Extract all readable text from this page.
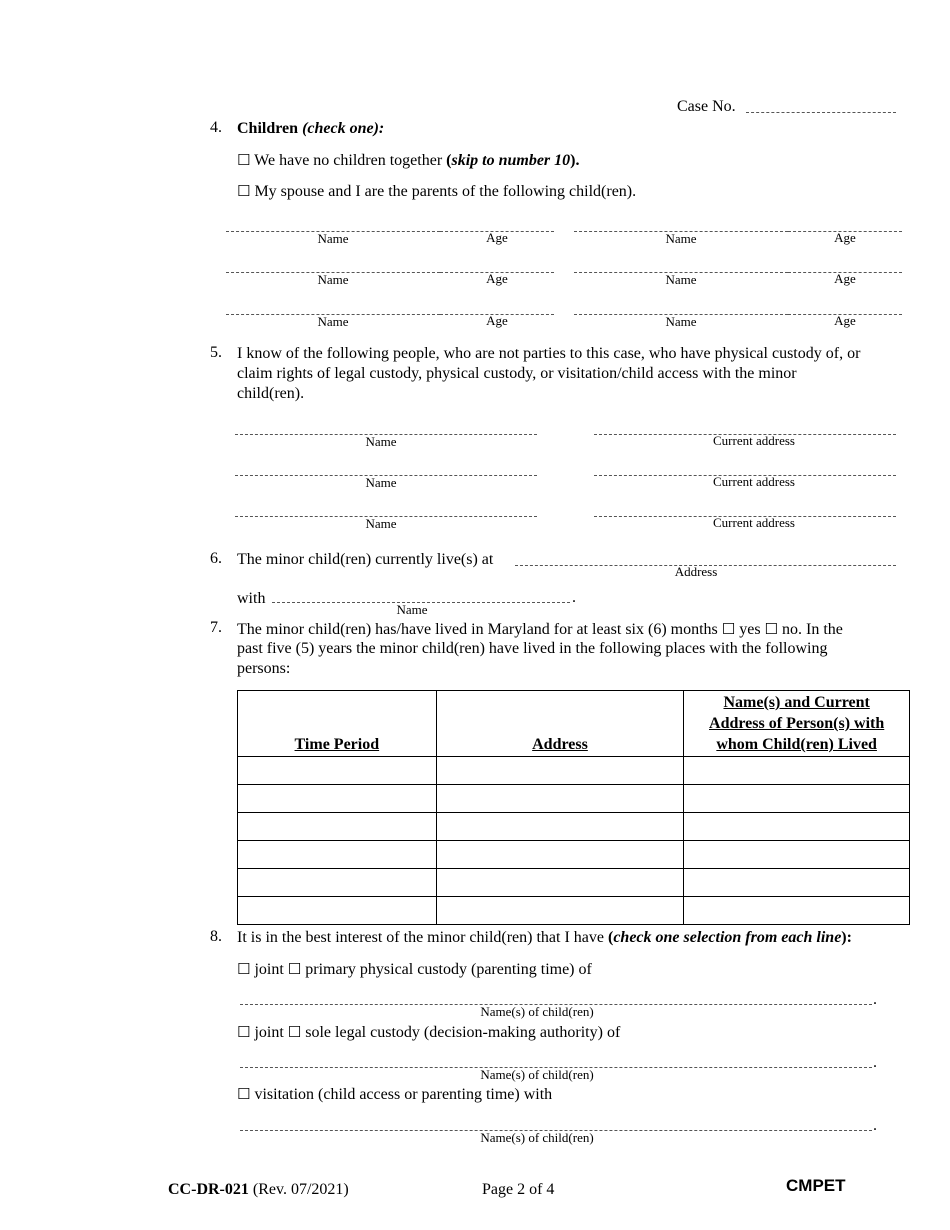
Case No.
4. Children (check one):
☐ We have no children together (skip to number 10).
☐ My spouse and I are the parents of the following child(ren).
Name	Age	Name	Age
Name	Age	Name	Age
Name	Age	Name	Age
5. I know of the following people, who are not parties to this case, who have physical custody of, or
claim rights of legal custody, physical custody, or visitation/child access with the minor
child(ren).
Name	Current address
Name	Current address
Name	Current address
6. The minor child(ren) currently live(s) at
Address
with	.
Name
7. The minor child(ren) has/have lived in Maryland for at least six (6) months ☐ yes ☐ no. In the
past five (5) years the minor child(ren) have lived in the following places with the following
persons:
Time Period	Address	Name(s) and Current
Address of Person(s) with
whom Child(ren) Lived

8. It is in the best interest of the minor child(ren) that I have (check one selection from each line):
☐ joint ☐ primary physical custody (parenting time) of
.
Name(s) of child(ren)
☐ joint ☐ sole legal custody (decision-making authority) of
.
Name(s) of child(ren)
☐ visitation (child access or parenting time) with
.
Name(s) of child(ren)
CC-DR-021 (Rev. 07/2021)	Page 2 of 4	CMPET
